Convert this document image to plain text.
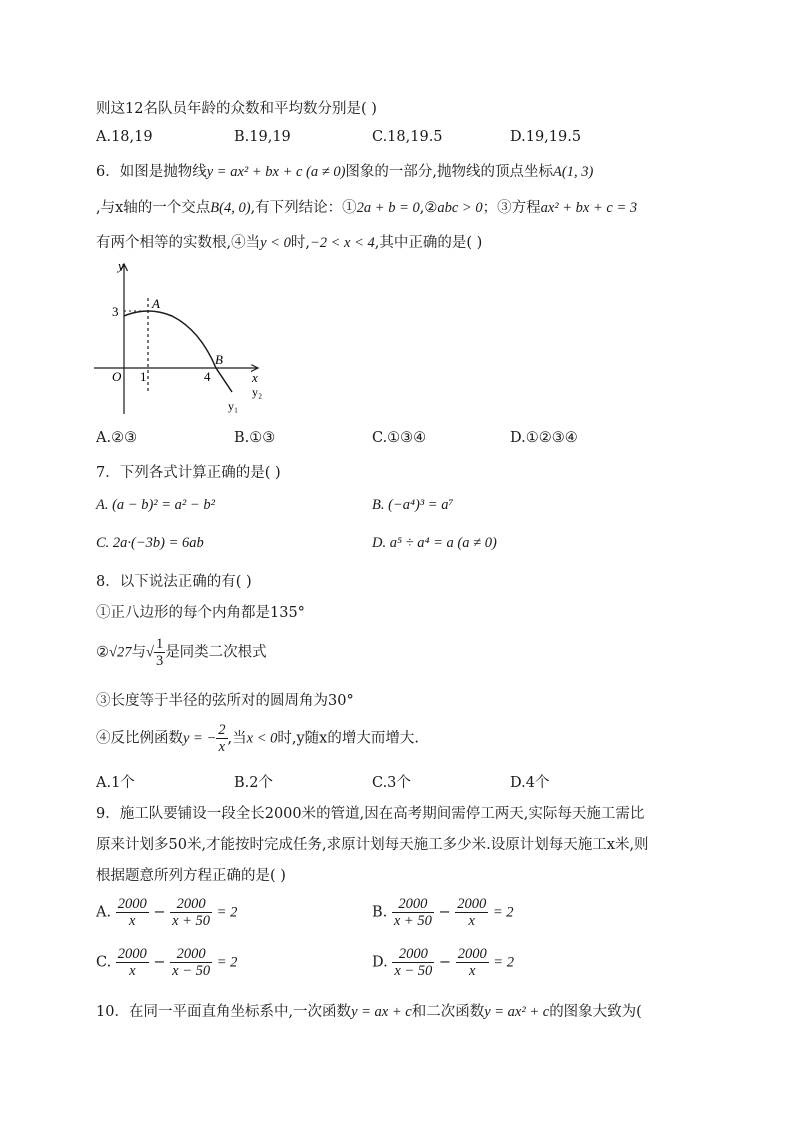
则这12名队员年龄的众数和平均数分别是( )
A.18,19	B.19,19	C.18,19.5	D.19,19.5
6．如图是抛物线y = ax² + bx + c (a ≠ 0)图象的一部分,抛物线的顶点坐标A(1, 3)
,与x轴的一个交点B(4, 0),有下列结论：①2a + b = 0,②abc > 0；③方程ax² + bx + c = 3
有两个相等的实数根,④当y < 0时,−2 < x < 4,其中正确的是( )
y
x
O
3
1	4
A
B
y₁
y₂
A.②③	B.①③	C.①③④	D.①②③④
7．下列各式计算正确的是( )
A. (a − b)² = a² − b²	B. (−a⁴)³ = a⁷
C. 2a·(−3b) = 6ab	D. a⁵ ÷ a⁴ = a (a ≠ 0)
8．以下说法正确的有( )
①正八边形的每个内角都是135°
②√27与√ $\frac{1}{3}$ 是同类二次根式
③长度等于半径的弦所对的圆周角为30°
④反比例函数y = − $\frac{2}{x}$ ,当x < 0时,y随x的增大而增大.
A.1个	B.2个	C.3个	D.4个
9．施工队要铺设一段全长2000米的管道,因在高考期间需停工两天,实际每天施工需比
原来计划多50米,才能按时完成任务,求原计划每天施工多少米.设原计划每天施工x米,则
根据题意所列方程正确的是( )
A. $\frac{2000}{x} - \frac{2000}{x + 50} = 2$	B. $\frac{2000}{x + 50} - \frac{2000}{x} = 2$
C. $\frac{2000}{x} - \frac{2000}{x - 50} = 2$	D. $\frac{2000}{x - 50} - \frac{2000}{x} = 2$
10．在同一平面直角坐标系中,一次函数y = ax + c和二次函数y = ax² + c的图象大致为(
